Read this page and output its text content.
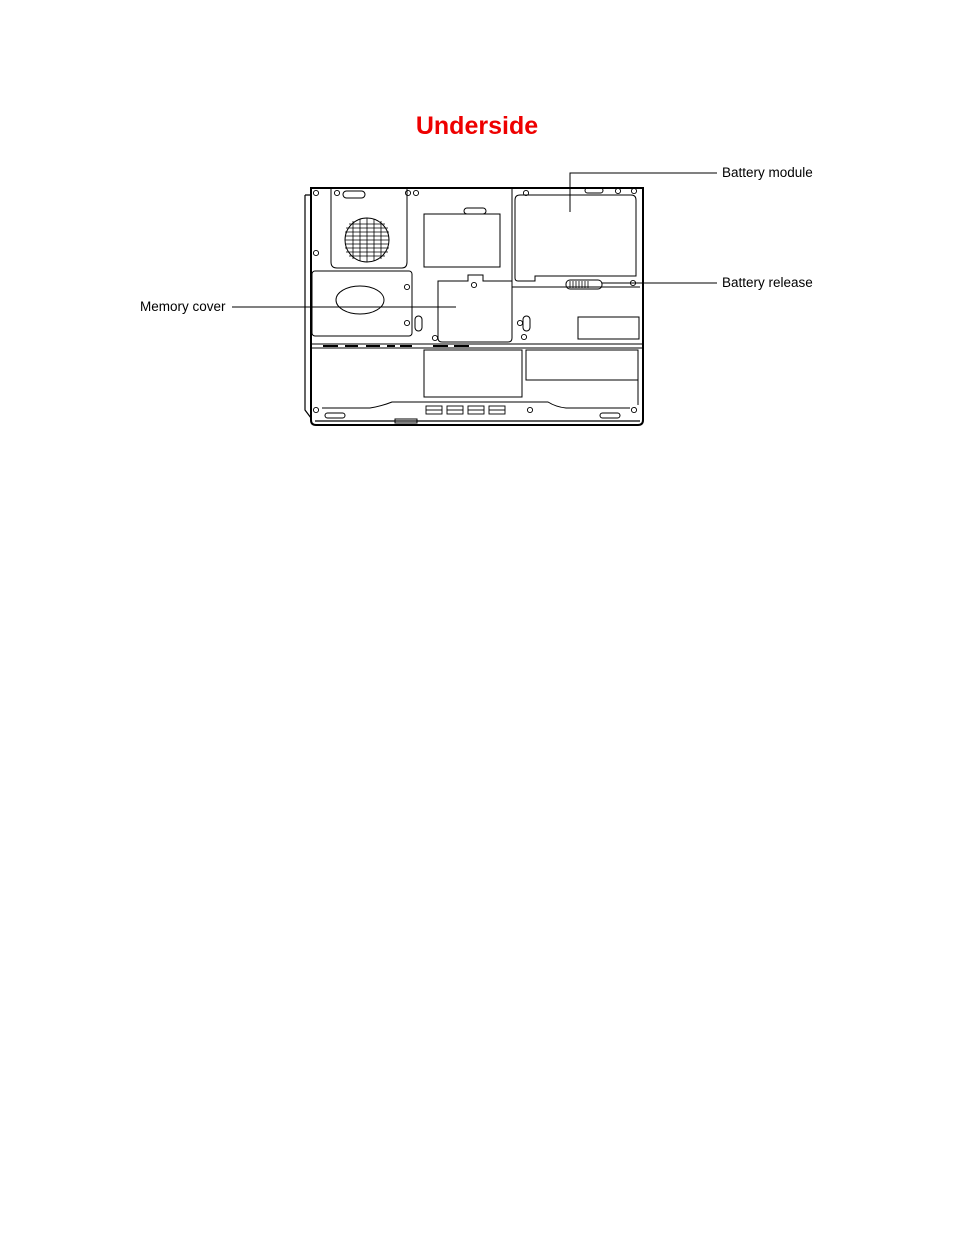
Underside
Battery module
Battery release
Memory cover
